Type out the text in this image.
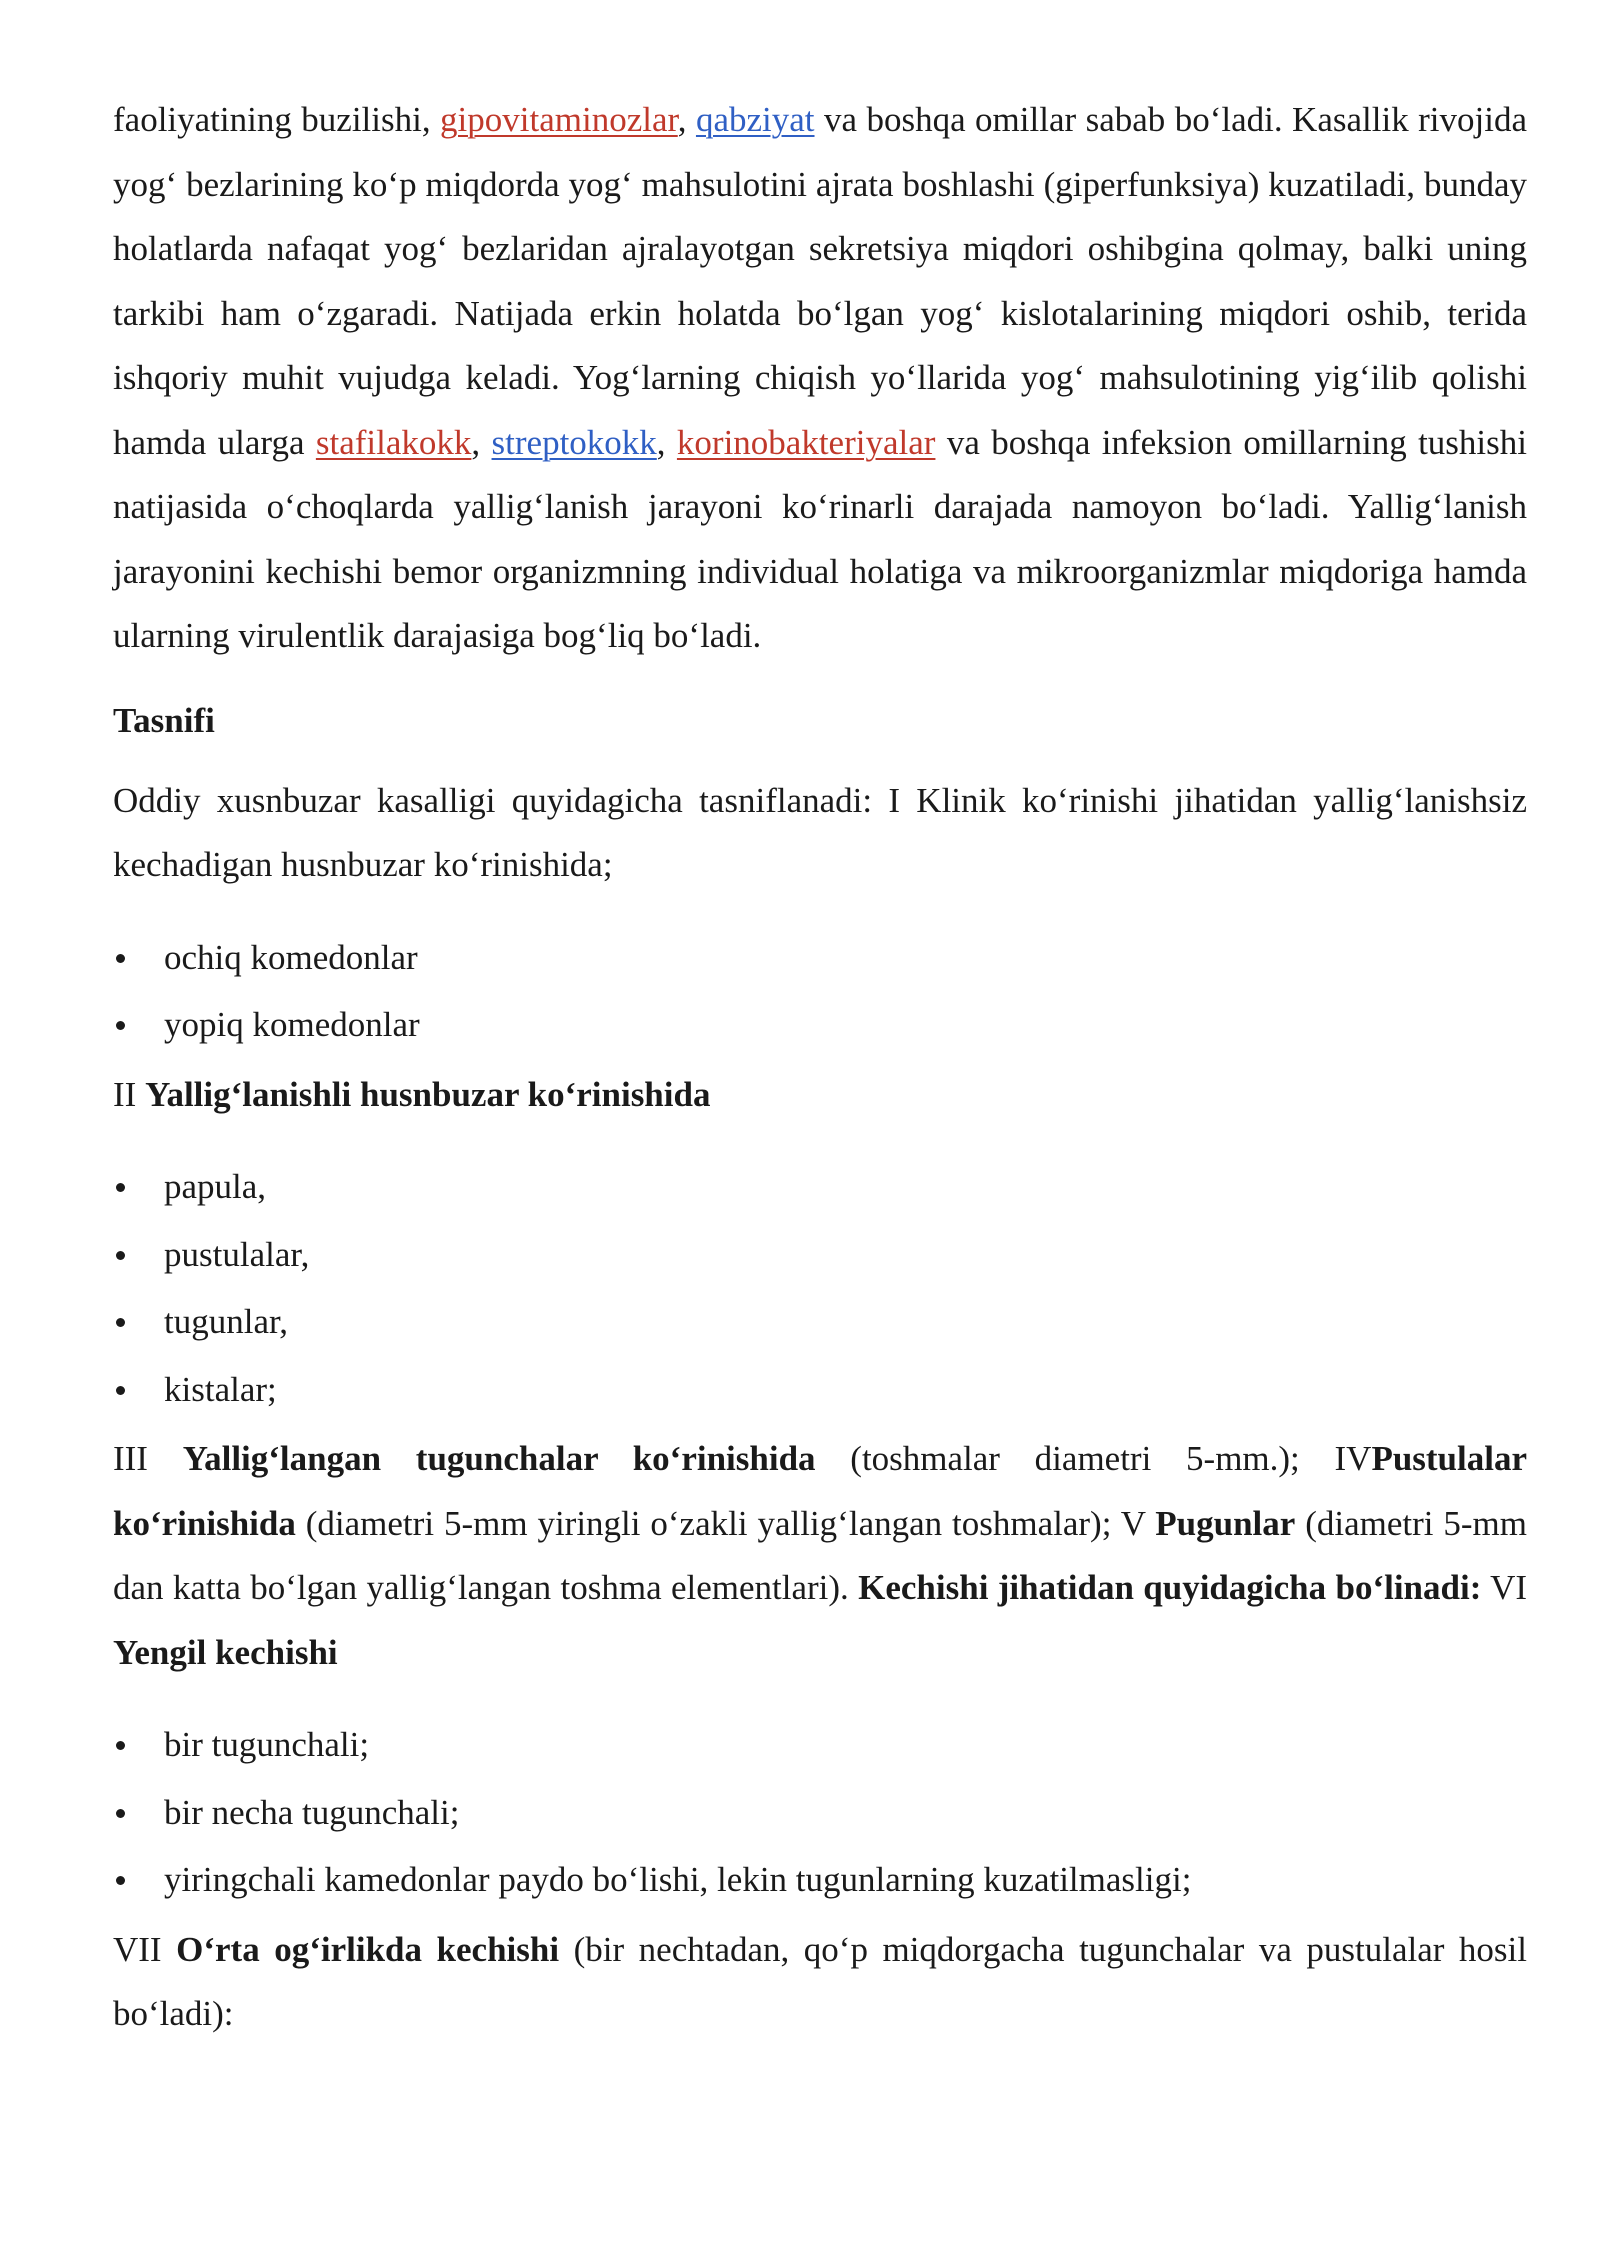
faoliyatining buzilishi, gipovitaminozlar, qabziyat va boshqa omillar sabab bo‘ladi. Kasallik rivojida yog‘ bezlarining ko‘p miqdorda yog‘ mahsulotini ajrata boshlashi (giperfunksiya) kuzatiladi, bunday holatlarda nafaqat yog‘ bezlaridan ajralayotgan sekretsiya miqdori oshibgina qolmay, balki uning tarkibi ham o‘zgaradi. Natijada erkin holatda bo‘lgan yog‘ kislotalarining miqdori oshib, terida ishqoriy muhit vujudga keladi. Yog‘larning chiqish yo‘llarida yog‘ mahsulotining yig‘ilib qolishi hamda ularga stafilakokk, streptokokk, korinobakteriyalar va boshqa infeksion omillarning tushishi natijasida o‘choqlarda yallig‘lanish jarayoni ko‘rinarli darajada namoyon bo‘ladi. Yallig‘lanish jarayonini kechishi bemor organizmning individual holatiga va mikroorganizmlar miqdoriga hamda ularning virulentlik darajasiga bog‘liq bo‘ladi.

Tasnifi

Oddiy xusnbuzar kasalligi quyidagicha tasniflanadi: I Klinik ko‘rinishi jihatidan yallig‘lanishsiz kechadigan husnbuzar ko‘rinishida;

ochiq komedonlar
yopiq komedonlar

II Yallig‘lanishli husnbuzar ko‘rinishida

papula,
pustulalar,
tugunlar,
kistalar;

III Yallig‘langan tugunchalar ko‘rinishida (toshmalar diametri 5-mm.); IVPustulalar ko‘rinishida (diametri 5-mm yiringli o‘zakli yallig‘langan toshmalar); V Pugunlar (diametri 5-mm dan katta bo‘lgan yallig‘langan toshma elementlari). Kechishi jihatidan quyidagicha bo‘linadi: VI Yengil kechishi

bir tugunchali;
bir necha tugunchali;
yiringchali kamedonlar paydo bo‘lishi, lekin tugunlarning kuzatilmasligi;

VII O‘rta og‘irlikda kechishi (bir nechtadan, qo‘p miqdorgacha tugunchalar va pustulalar hosil bo‘ladi):
